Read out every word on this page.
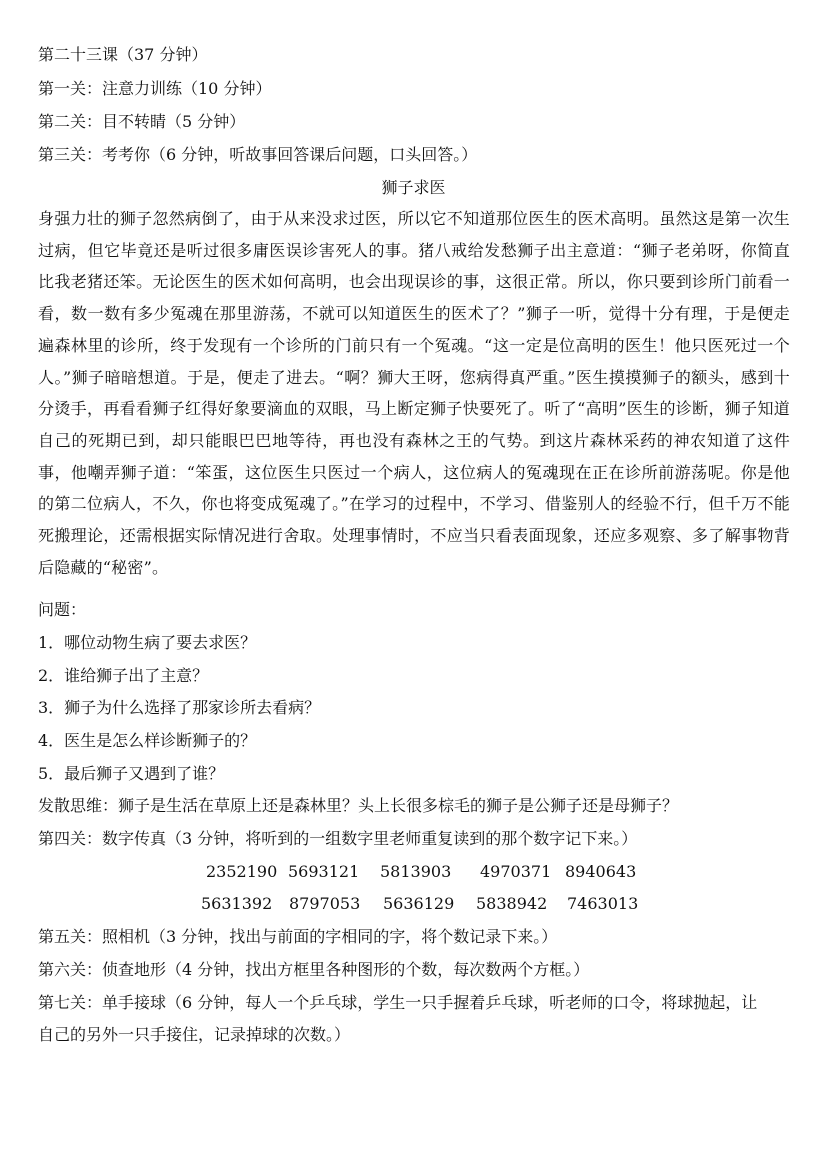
第二十三课（37 分钟）
第一关：注意力训练（10 分钟）
第二关：目不转睛（5 分钟）
第三关：考考你（6 分钟，听故事回答课后问题，口头回答。）
狮子求医
身强力壮的狮子忽然病倒了，由于从来没求过医，所以它不知道那位医生的医术高明。虽然这是第一次生过病，但它毕竟还是听过很多庸医误诊害死人的事。猪八戒给发愁狮子出主意道：“狮子老弟呀，你简直比我老猪还笨。无论医生的医术如何高明，也会出现误诊的事，这很正常。所以，你只要到诊所门前看一看，数一数有多少冤魂在那里游荡，不就可以知道医生的医术了？”狮子一听，觉得十分有理，于是便走遍森林里的诊所，终于发现有一个诊所的门前只有一个冤魂。“这一定是位高明的医生！他只医死过一个人。”狮子暗暗想道。于是，便走了进去。“啊？狮大王呀，您病得真严重。”医生摸摸狮子的额头，感到十分烫手，再看看狮子红得好象要滴血的双眼，马上断定狮子快要死了。听了“高明”医生的诊断，狮子知道自己的死期已到，却只能眼巴巴地等待，再也没有森林之王的气势。到这片森林采药的神农知道了这件事，他嘲弄狮子道：“笨蛋，这位医生只医过一个病人，这位病人的冤魂现在正在诊所前游荡呢。你是他的第二位病人，不久，你也将变成冤魂了。”在学习的过程中，不学习、借鉴别人的经验不行，但千万不能死搬理论，还需根据实际情况进行舍取。处理事情时，不应当只看表面现象，还应多观察、多了解事物背后隐藏的“秘密”。
问题：
1．哪位动物生病了要去求医？
2．谁给狮子出了主意？
3．狮子为什么选择了那家诊所去看病？
4．医生是怎么样诊断狮子的？
5．最后狮子又遇到了谁？
发散思维：狮子是生活在草原上还是森林里？头上长很多棕毛的狮子是公狮子还是母狮子？
第四关：数字传真（3 分钟，将听到的一组数字里老师重复读到的那个数字记下来。）
2352190 5693121 5813903 4970371 8940643
5631392 8797053 5636129 5838942 7463013
第五关：照相机（3 分钟，找出与前面的字相同的字，将个数记录下来。）
第六关：侦查地形（4 分钟，找出方框里各种图形的个数，每次数两个方框。）
第七关：单手接球（6 分钟，每人一个乒乓球，学生一只手握着乒乓球，听老师的口令，将球抛起，让
自己的另外一只手接住，记录掉球的次数。）
